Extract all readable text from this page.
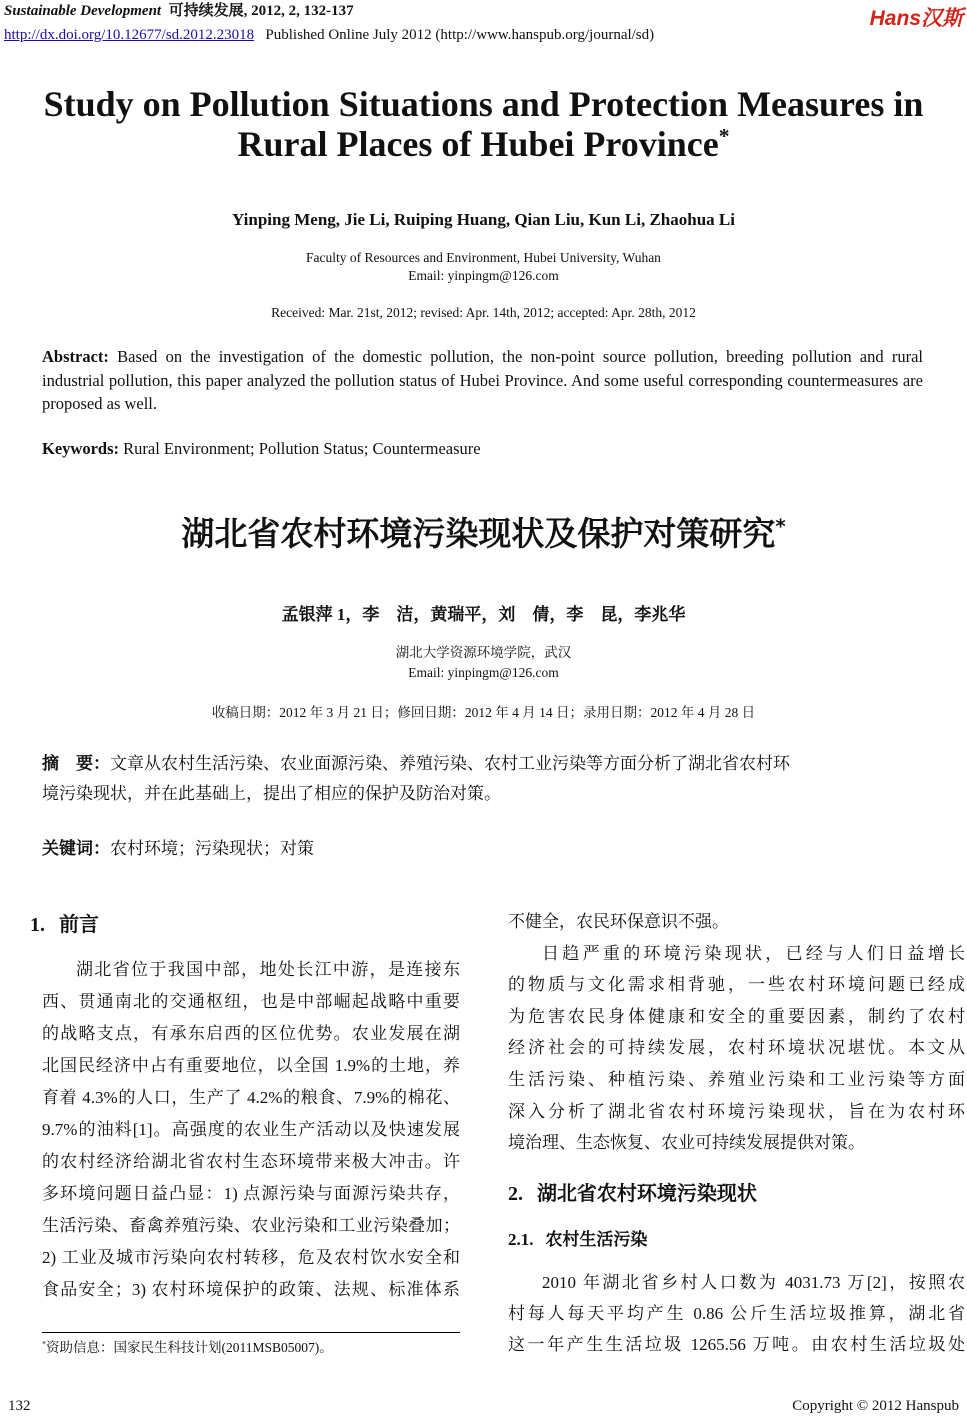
Sustainable Development 可持续发展, 2012, 2, 132-137
http://dx.doi.org/10.12677/sd.2012.23018 Published Online July 2012 (http://www.hanspub.org/journal/sd)
Hans汉斯
Study on Pollution Situations and Protection Measures in
Rural Places of Hubei Province*
Yinping Meng, Jie Li, Ruiping Huang, Qian Liu, Kun Li, Zhaohua Li
Faculty of Resources and Environment, Hubei University, Wuhan
Email: yinpingm@126.com
Received: Mar. 21st, 2012; revised: Apr. 14th, 2012; accepted: Apr. 28th, 2012
Abstract: Based on the investigation of the domestic pollution, the non-point source pollution, breeding pollution and rural industrial pollution, this paper analyzed the pollution status of Hubei Province. And some useful corresponding countermeasures are proposed as well.
Keywords: Rural Environment; Pollution Status; Countermeasure
湖北省农村环境污染现状及保护对策研究*
孟银萍 1，李　洁，黄瑞平，刘　倩，李　昆，李兆华
湖北大学资源环境学院，武汉
Email: yinpingm@126.com
收稿日期：2012 年 3 月 21 日；修回日期：2012 年 4 月 14 日；录用日期：2012 年 4 月 28 日
摘　要：文章从农村生活污染、农业面源污染、养殖污染、农村工业污染等方面分析了湖北省农村环
境污染现状，并在此基础上，提出了相应的保护及防治对策。
关键词：农村环境；污染现状；对策
1. 前言
湖北省位于我国中部，地处长江中游，是连接东
西、贯通南北的交通枢纽，也是中部崛起战略中重要
的战略支点，有承东启西的区位优势。农业发展在湖
北国民经济中占有重要地位，以全国 1.9%的土地，养
育着 4.3%的人口，生产了 4.2%的粮食、7.9%的棉花、
9.7%的油料[1]。高强度的农业生产活动以及快速发展
的农村经济给湖北省农村生态环境带来极大冲击。许
多环境问题日益凸显：1) 点源污染与面源污染共存，
生活污染、畜禽养殖污染、农业污染和工业污染叠加；
2) 工业及城市污染向农村转移，危及农村饮水安全和
食品安全；3) 农村环境保护的政策、法规、标准体系
*资助信息：国家民生科技计划(2011MSB05007)。
不健全，农民环保意识不强。
日趋严重的环境污染现状，已经与人们日益增长
的物质与文化需求相背驰，一些农村环境问题已经成
为危害农民身体健康和安全的重要因素，制约了农村
经济社会的可持续发展，农村环境状况堪忧。本文从
生活污染、种植污染、养殖业污染和工业污染等方面
深入分析了湖北省农村环境污染现状，旨在为农村环
境治理、生态恢复、农业可持续发展提供对策。
2. 湖北省农村环境污染现状
2.1. 农村生活污染
2010 年湖北省乡村人口数为 4031.73 万[2]，按照农
村每人每天平均产生 0.86 公斤生活垃圾推算，湖北省
这一年产生生活垃圾 1265.56 万吨。由农村生活垃圾处
132	Copyright © 2012 Hanspub
